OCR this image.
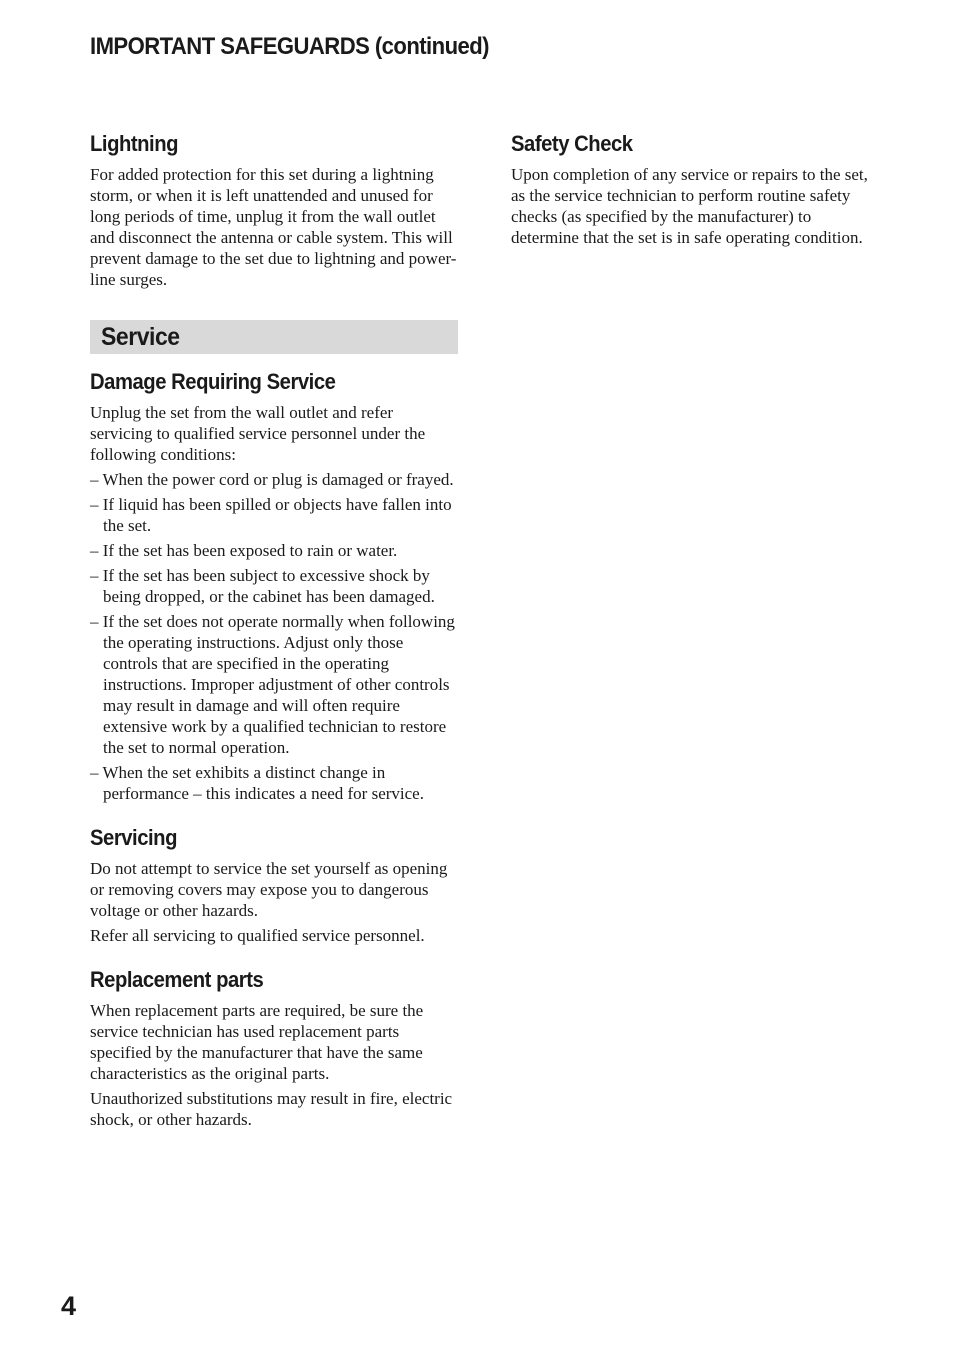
IMPORTANT SAFEGUARDS (continued)
Lightning

For added protection for this set during a lightning storm, or when it is left unattended and unused for long periods of time, unplug it from the wall outlet and disconnect the antenna or cable system. This will prevent damage to the set due to lightning and power-line surges.

Service
Damage Requiring Service

Unplug the set from the wall outlet and refer servicing to qualified service personnel under the following conditions:

– When the power cord or plug is damaged or frayed.
– If liquid has been spilled or objects have fallen into the set.
– If the set has been exposed to rain or water.
– If the set has been subject to excessive shock by being dropped, or the cabinet has been damaged.
– If the set does not operate normally when following the operating instructions. Adjust only those controls that are specified in the operating instructions. Improper adjustment of other controls may result in damage and will often require extensive work by a qualified technician to restore the set to normal operation.
– When the set exhibits a distinct change in performance – this indicates a need for service.
Servicing

Do not attempt to service the set yourself as opening or removing covers may expose you to dangerous voltage or other hazards.

Refer all servicing to qualified service personnel.

Replacement parts

When replacement parts are required, be sure the service technician has used replacement parts specified by the manufacturer that have the same characteristics as the original parts.

Unauthorized substitutions may result in fire, electric shock, or other hazards.

Safety Check

Upon completion of any service or repairs to the set, as the service technician to perform routine safety checks (as specified by the manufacturer) to determine that the set is in safe operating condition.

4
